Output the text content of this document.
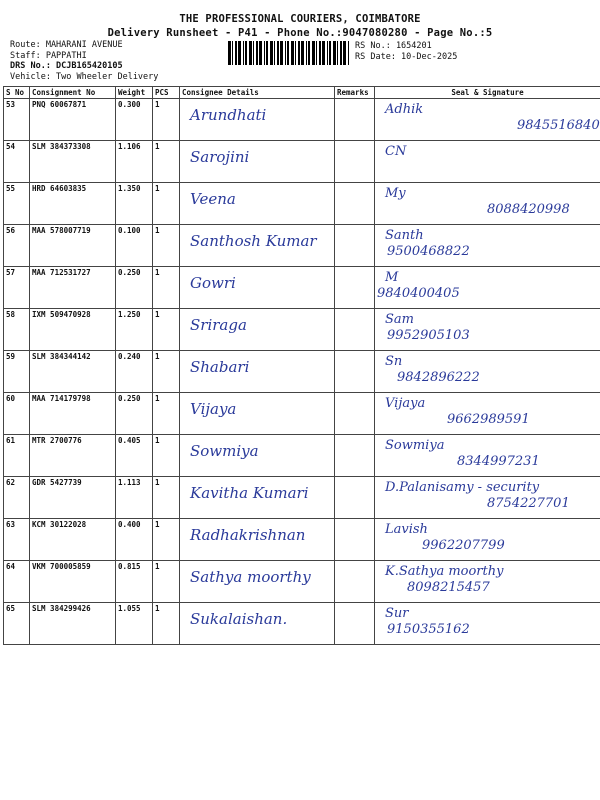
THE PROFESSIONAL COURIERS, COIMBATORE
Delivery Runsheet - P41 - Phone No.:9047080280 - Page No.:5
Route: MAHARANI AVENUE
Staff: PAPPATHI
DRS No.: DCJB165420105
Vehicle: Two Wheeler Delivery
RS No.: 1654201
RS Date: 10-Dec-2025
S No	Consignment No	Weight	PCS	Consignee Details	Remarks	Seal & Signature
53	PNQ 60067871	0.300	1	Arundhati		Adhik
9845516840

54	SLM 384373308	1.106	1	Sarojini		CN

55	HRD 64603835	1.350	1	Veena		My
8088420998

56	MAA 578007719	0.100	1	Santhosh Kumar		Santh
9500468822

57	MAA 712531727	0.250	1	Gowri		M
9840400405

58	IXM 509470928	1.250	1	Sriraga		Sam
9952905103

59	SLM 384344142	0.240	1	Shabari		Sn
9842896222

60	MAA 714179798	0.250	1	Vijaya		Vijaya
9662989591

61	MTR 2700776	0.405	1	Sowmiya		Sowmiya
8344997231

62	GDR 5427739	1.113	1	Kavitha Kumari		D.Palanisamy - security
8754227701

63	KCM 30122028	0.400	1	Radhakrishnan		Lavish
9962207799

64	VKM 700005859	0.815	1	Sathya moorthy		K.Sathya moorthy
8098215457

65	SLM 384299426	1.055	1	Sukalaishan.		Sur
9150355162
